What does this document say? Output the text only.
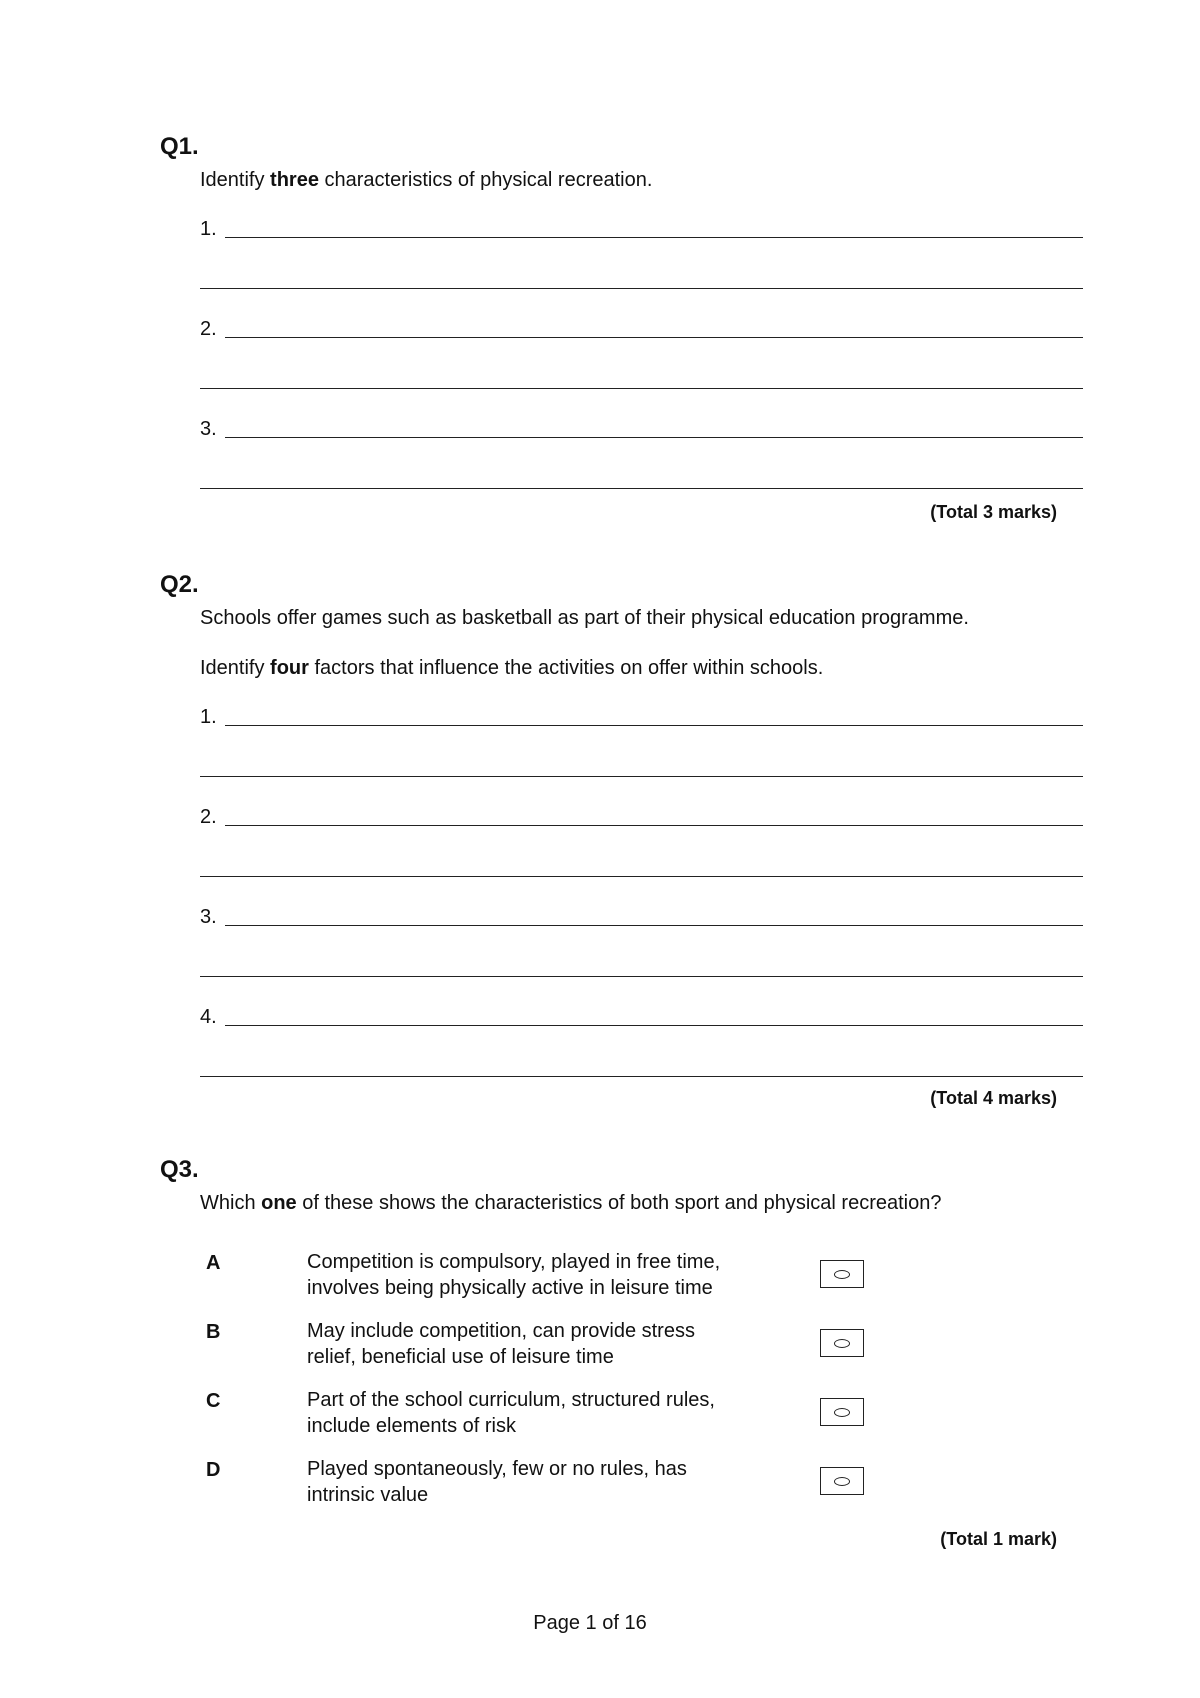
Q1.
Identify three characteristics of physical recreation.
1.
2.
3.
(Total 3 marks)
Q2.
Schools offer games such as basketball as part of their physical education programme.
Identify four factors that influence the activities on offer within schools.
1.
2.
3.
4.
(Total 4 marks)
Q3.
Which one of these shows the characteristics of both sport and physical recreation?
A	Competition is compulsory, played in free time,
involves being physically active in leisure time
B	May include competition, can provide stress
relief, beneficial use of leisure time
C	Part of the school curriculum, structured rules,
include elements of risk
D	Played spontaneously, few or no rules, has
intrinsic value
(Total 1 mark)
Page 1 of 16
